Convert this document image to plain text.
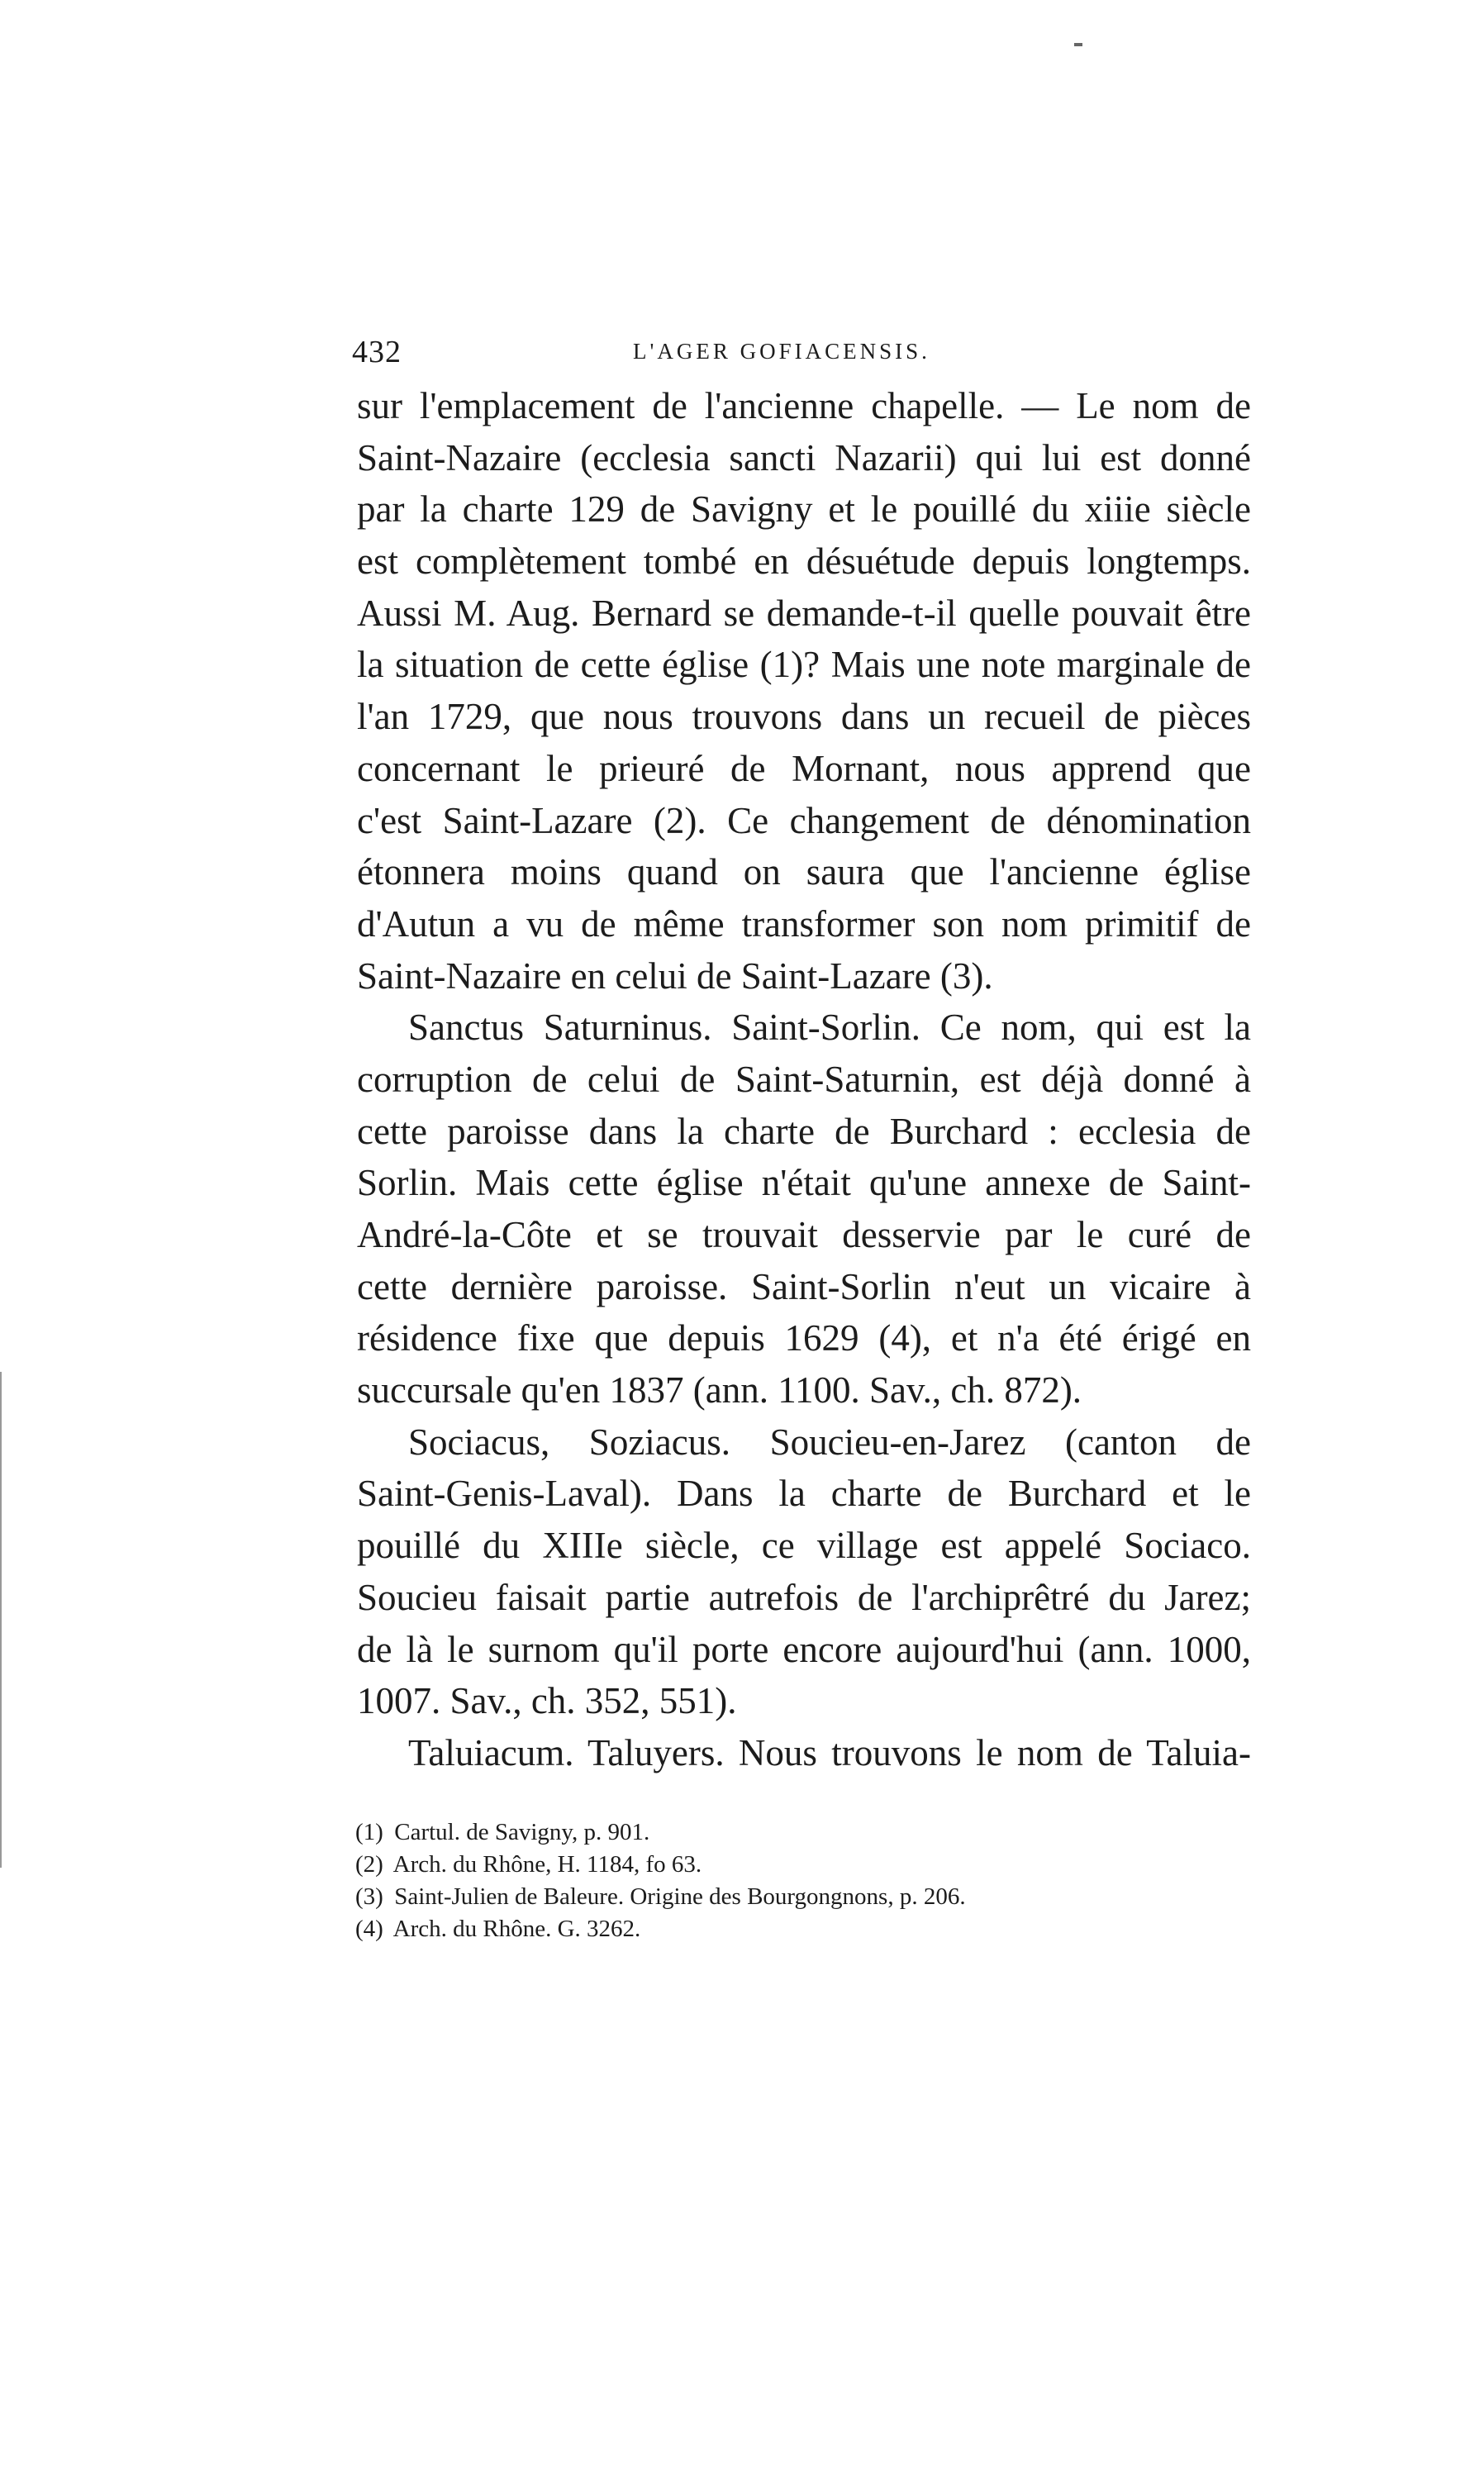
432	L'AGER GOFIACENSIS.
sur l'emplacement de l'ancienne chapelle. — Le nom de
Saint-Nazaire (ecclesia sancti Nazarii) qui lui est donné
par la charte 129 de Savigny et le pouillé du xiiie siècle
est complètement tombé en désuétude depuis longtemps.
Aussi M. Aug. Bernard se demande-t-il quelle pouvait être
la situation de cette église (1)? Mais une note marginale de
l'an 1729, que nous trouvons dans un recueil de pièces
concernant le prieuré de Mornant, nous apprend que
c'est Saint-Lazare (2). Ce changement de dénomination
étonnera moins quand on saura que l'ancienne église
d'Autun a vu de même transformer son nom primitif de
Saint-Nazaire en celui de Saint-Lazare (3).
Sanctus Saturninus. Saint-Sorlin. Ce nom, qui est la
corruption de celui de Saint-Saturnin, est déjà donné à
cette paroisse dans la charte de Burchard : ecclesia de
Sorlin. Mais cette église n'était qu'une annexe de Saint-
André-la-Côte et se trouvait desservie par le curé de
cette dernière paroisse. Saint-Sorlin n'eut un vicaire à
résidence fixe que depuis 1629 (4), et n'a été érigé en
succursale qu'en 1837 (ann. 1100. Sav., ch. 872).
Sociacus, Soziacus. Soucieu-en-Jarez (canton de
Saint-Genis-Laval). Dans la charte de Burchard et le
pouillé du XIIIe siècle, ce village est appelé Sociaco.
Soucieu faisait partie autrefois de l'archiprêtré du Jarez;
de là le surnom qu'il porte encore aujourd'hui (ann. 1000,
1007. Sav., ch. 352, 551).
Taluiacum. Taluyers. Nous trouvons le nom de Taluia-
(1) Cartul. de Savigny, p. 901.
(2) Arch. du Rhône, H. 1184, fo 63.
(3) Saint-Julien de Baleure. Origine des Bourgongnons, p. 206.
(4) Arch. du Rhône. G. 3262.
